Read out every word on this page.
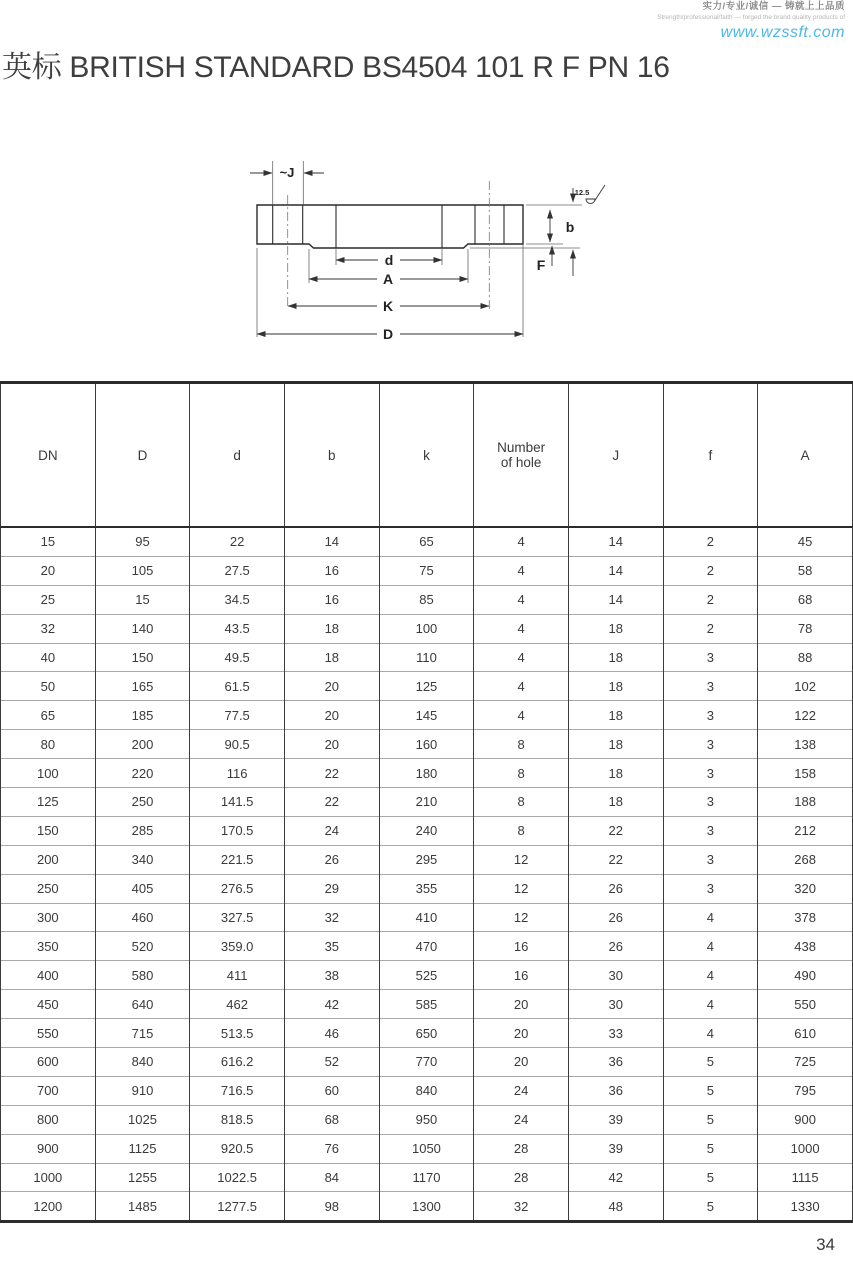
实力/专业/诚信 — 铸就上上品质
Strength/professional/faith — forged the brand quality products of
www.wzssft.com
英标 BRITISH STANDARD BS4504 101 R F PN 16
~J
12.5
b
F
d
A
K
D
DN	D	d	b	k	Number of hole	J	f	A
15	95	22	14	65	4	14	2	45
20	105	27.5	16	75	4	14	2	58
25	15	34.5	16	85	4	14	2	68
32	140	43.5	18	100	4	18	2	78
40	150	49.5	18	110	4	18	3	88
50	165	61.5	20	125	4	18	3	102
65	185	77.5	20	145	4	18	3	122
80	200	90.5	20	160	8	18	3	138
100	220	116	22	180	8	18	3	158
125	250	141.5	22	210	8	18	3	188
150	285	170.5	24	240	8	22	3	212
200	340	221.5	26	295	12	22	3	268
250	405	276.5	29	355	12	26	3	320
300	460	327.5	32	410	12	26	4	378
350	520	359.0	35	470	16	26	4	438
400	580	411	38	525	16	30	4	490
450	640	462	42	585	20	30	4	550
550	715	513.5	46	650	20	33	4	610
600	840	616.2	52	770	20	36	5	725
700	910	716.5	60	840	24	36	5	795
800	1025	818.5	68	950	24	39	5	900
900	1125	920.5	76	1050	28	39	5	1000
1000	1255	1022.5	84	1170	28	42	5	1115
1200	1485	1277.5	98	1300	32	48	5	1330
34
